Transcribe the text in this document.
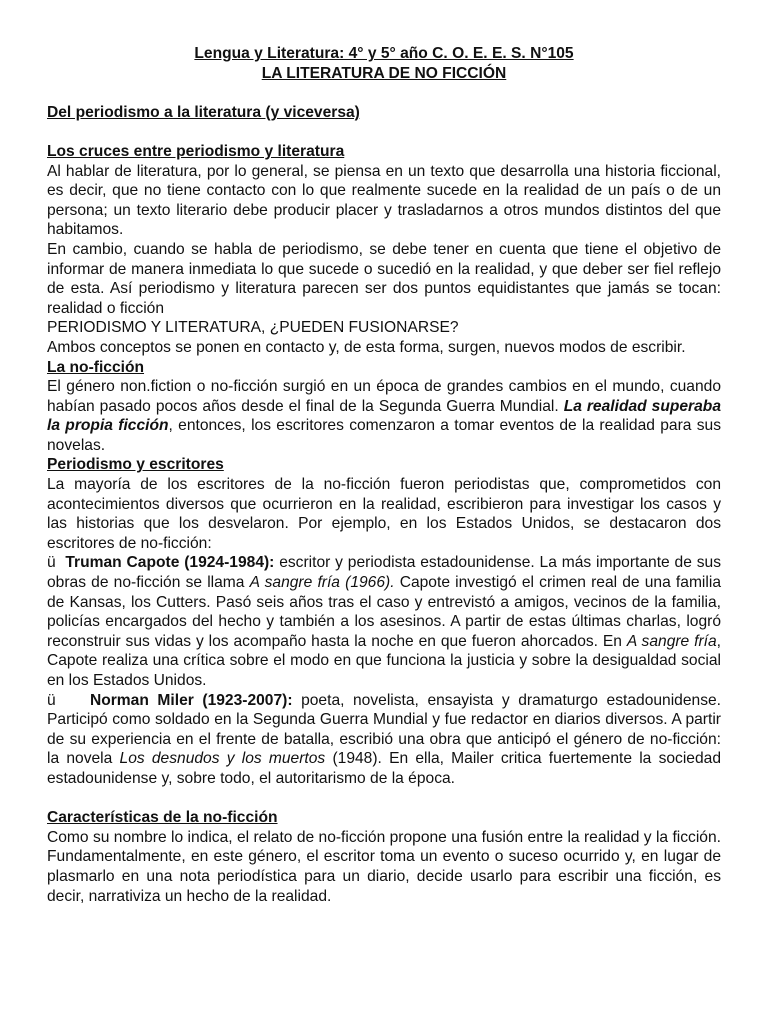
Lengua y Literatura: 4° y 5° año C. O. E. E. S. N°105

LA LITERATURA DE NO FICCIÓN

Del periodismo a la literatura (y viceversa)

Los cruces entre periodismo y literatura

Al hablar de literatura, por lo general, se piensa en un texto que desarrolla una historia ficcional, es decir, que no tiene contacto con lo que realmente sucede en la realidad de un país o de un persona; un texto literario debe producir placer y trasladarnos a otros mundos distintos del que habitamos.

En cambio, cuando se habla de periodismo, se debe tener en cuenta que tiene el objetivo de informar de manera inmediata lo que sucede o sucedió en la realidad, y que deber ser fiel reflejo de esta. Así periodismo y literatura parecen ser dos puntos equidistantes que jamás se tocan: realidad o ficción

PERIODISMO Y LITERATURA, ¿PUEDEN FUSIONARSE?

Ambos conceptos se ponen en contacto y, de esta forma, surgen, nuevos modos de escribir.

La no-ficción

El género non.fiction o no-ficción surgió en un época de grandes cambios en el mundo, cuando habían pasado pocos años desde el final de la Segunda Guerra Mundial. La realidad superaba la propia ficción, entonces, los escritores comenzaron a tomar eventos de la realidad para sus novelas.

Periodismo y escritores

La mayoría de los escritores de la no-ficción fueron periodistas que, comprometidos con acontecimientos diversos que ocurrieron en la realidad, escribieron para investigar los casos y las historias que los desvelaron. Por ejemplo, en los Estados Unidos, se destacaron dos escritores de no-ficción:

ü Truman Capote (1924-1984): escritor y periodista estadounidense. La más importante de sus obras de no-ficción se llama A sangre fría (1966). Capote investigó el crimen real de una familia de Kansas, los Cutters. Pasó seis años tras el caso y entrevistó a amigos, vecinos de la familia, policías encargados del hecho y también a los asesinos. A partir de estas últimas charlas, logró reconstruir sus vidas y los acompaño hasta la noche en que fueron ahorcados. En A sangre fría, Capote realiza una crítica sobre el modo en que funciona la justicia y sobre la desigualdad social en los Estados Unidos.

ü Norman Miler (1923-2007): poeta, novelista, ensayista y dramaturgo estadounidense. Participó como soldado en la Segunda Guerra Mundial y fue redactor en diarios diversos. A partir de su experiencia en el frente de batalla, escribió una obra que anticipó el género de no-ficción: la novela Los desnudos y los muertos (1948). En ella, Mailer critica fuertemente la sociedad estadounidense y, sobre todo, el autoritarismo de la época.

Características de la no-ficción

Como su nombre lo indica, el relato de no-ficción propone una fusión entre la realidad y la ficción. Fundamentalmente, en este género, el escritor toma un evento o suceso ocurrido y, en lugar de plasmarlo en una nota periodística para un diario, decide usarlo para escribir una ficción, es decir, narrativiza un hecho de la realidad.
